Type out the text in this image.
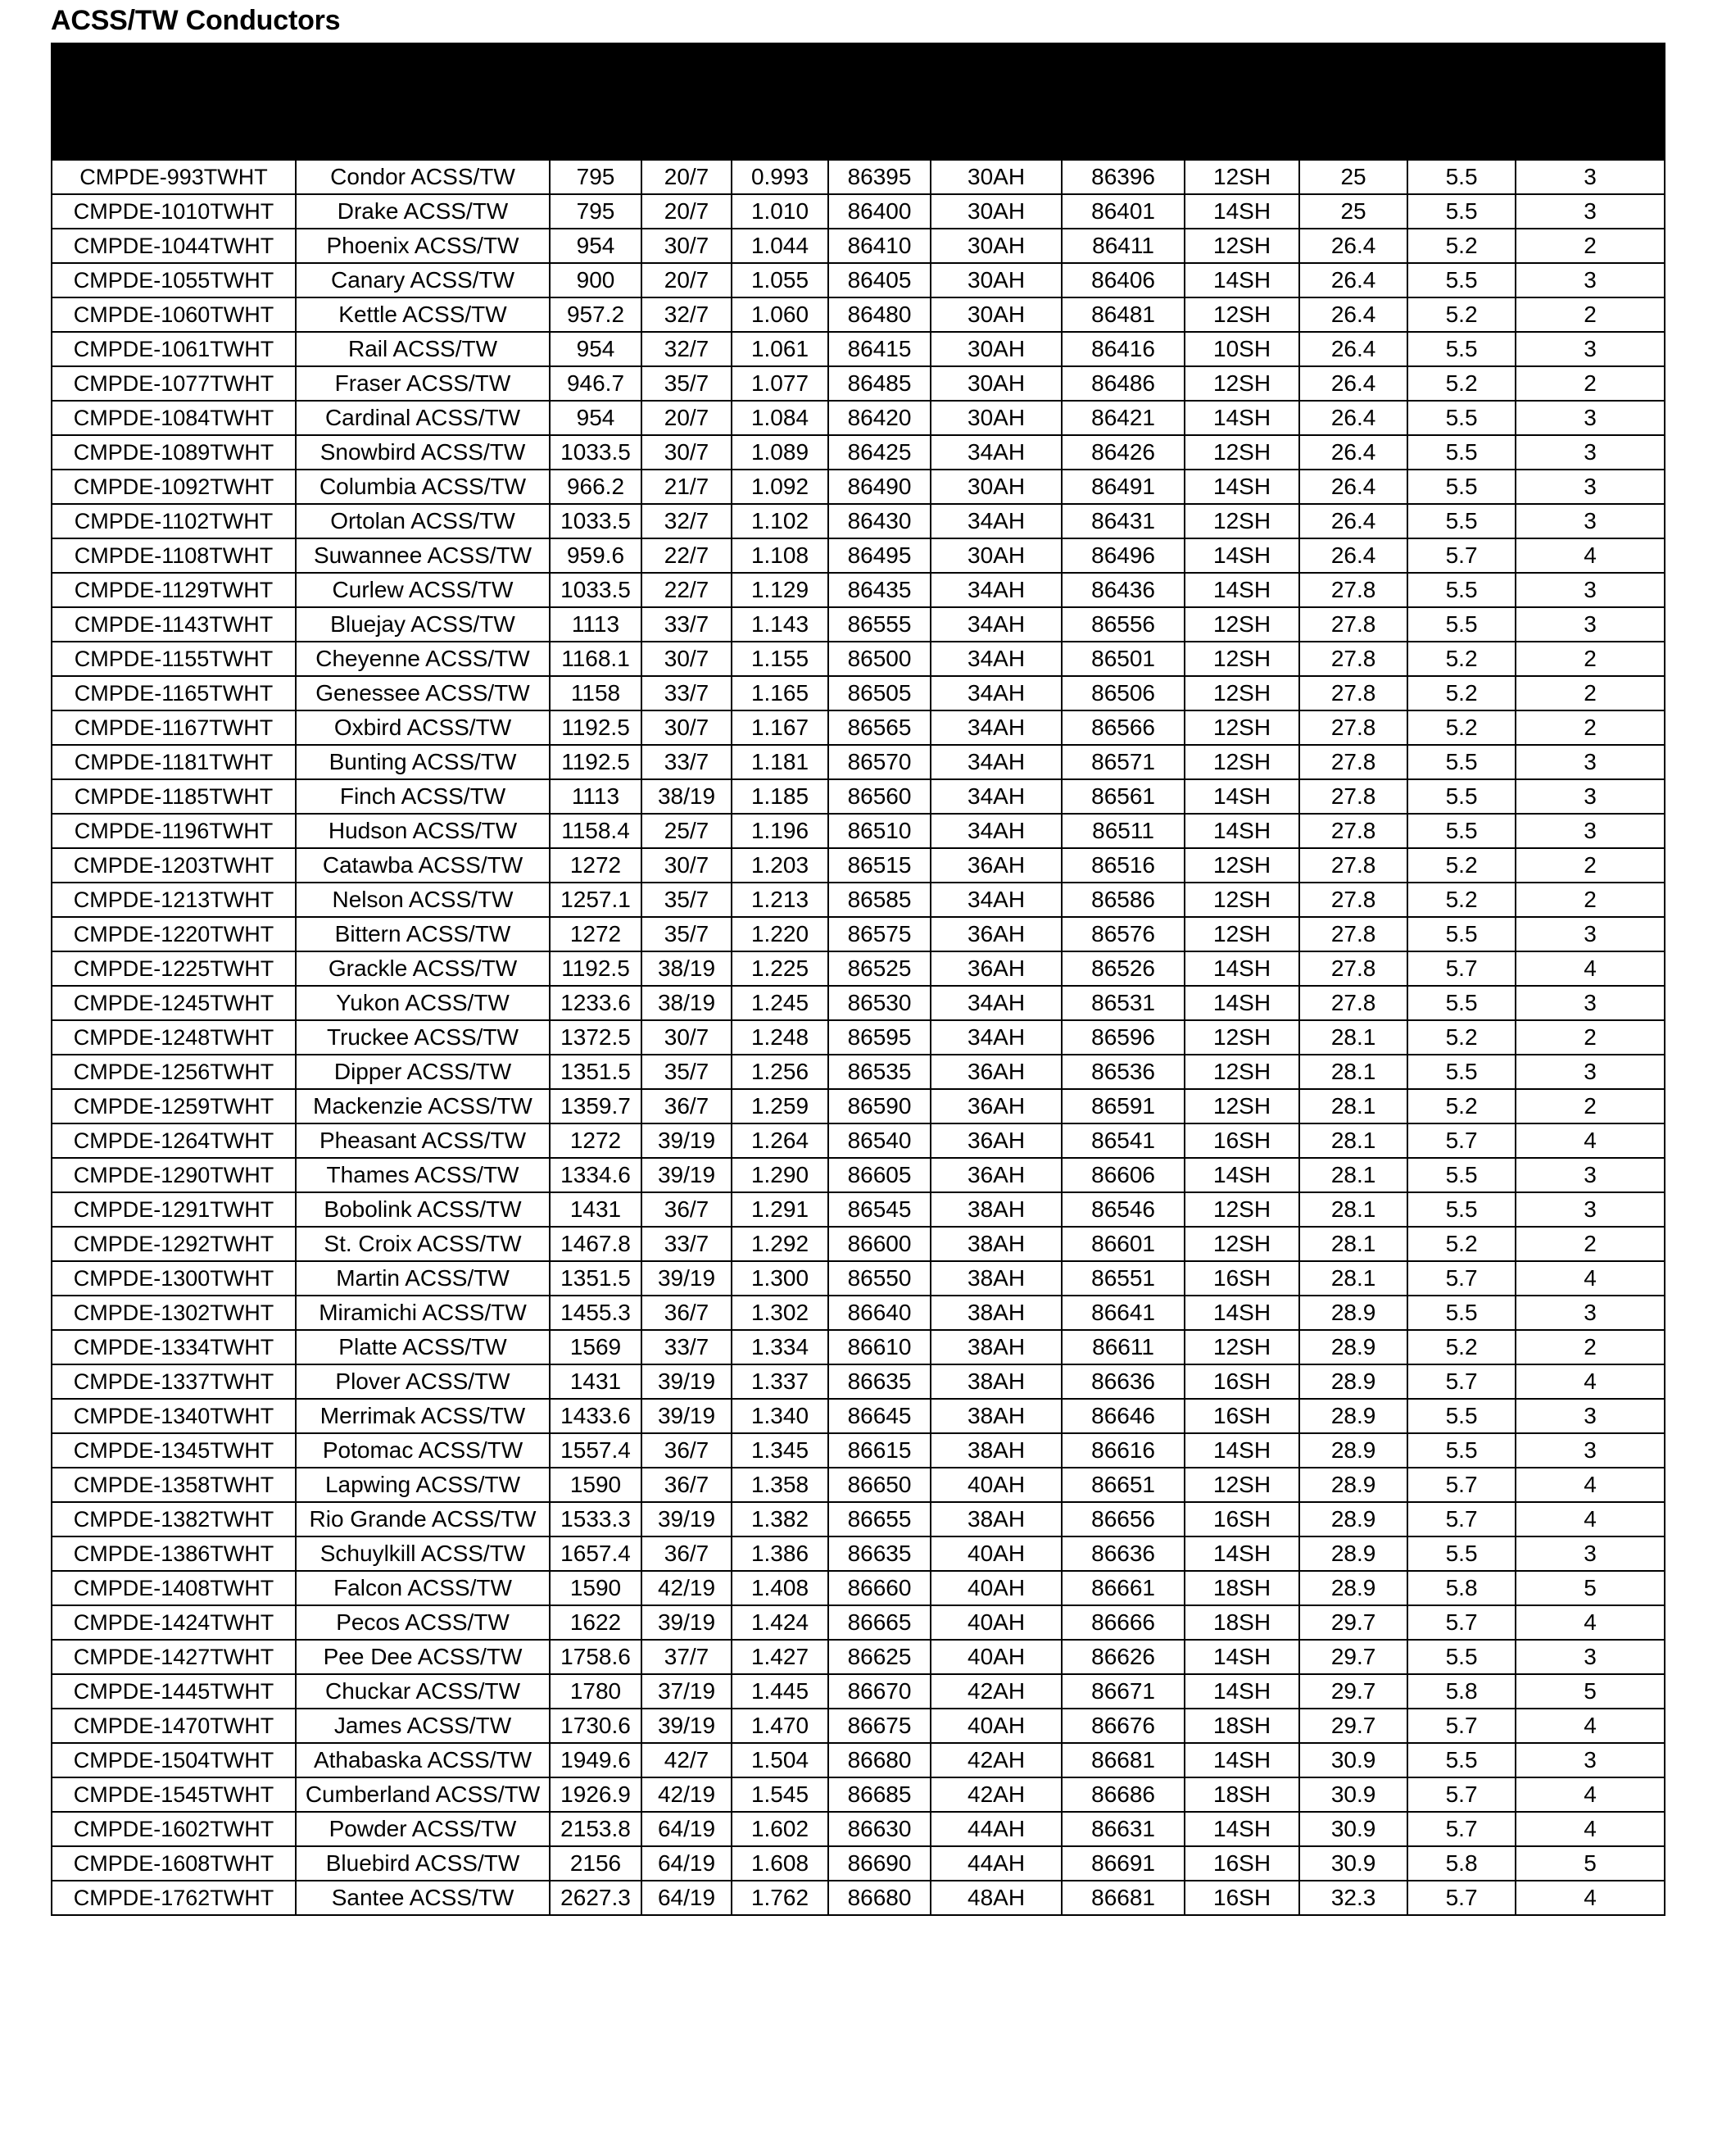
ACSS/TW Conductors
Dead End
Assembly
Catalog
Number	Conductor Information					Al. Die
Size	Steel
Eye
Part
No.	Steel
Die
Size	Dimensions		DE
Eye
Class

	Code Word	Area
kcmil	Al/St	Dia in	Al.
Body
Part
No.				Al.
Tube
Length
in	DE
Eye
Length
in	

CMPDE-993TWHT	Condor ACSS/TW	795	20/7	0.993	86395	30AH	86396	12SH	25	5.5	3
CMPDE-1010TWHT	Drake ACSS/TW	795	20/7	1.010	86400	30AH	86401	14SH	25	5.5	3
CMPDE-1044TWHT	Phoenix ACSS/TW	954	30/7	1.044	86410	30AH	86411	12SH	26.4	5.2	2
CMPDE-1055TWHT	Canary ACSS/TW	900	20/7	1.055	86405	30AH	86406	14SH	26.4	5.5	3
CMPDE-1060TWHT	Kettle ACSS/TW	957.2	32/7	1.060	86480	30AH	86481	12SH	26.4	5.2	2
CMPDE-1061TWHT	Rail ACSS/TW	954	32/7	1.061	86415	30AH	86416	10SH	26.4	5.5	3
CMPDE-1077TWHT	Fraser ACSS/TW	946.7	35/7	1.077	86485	30AH	86486	12SH	26.4	5.2	2
CMPDE-1084TWHT	Cardinal ACSS/TW	954	20/7	1.084	86420	30AH	86421	14SH	26.4	5.5	3
CMPDE-1089TWHT	Snowbird ACSS/TW	1033.5	30/7	1.089	86425	34AH	86426	12SH	26.4	5.5	3
CMPDE-1092TWHT	Columbia ACSS/TW	966.2	21/7	1.092	86490	30AH	86491	14SH	26.4	5.5	3
CMPDE-1102TWHT	Ortolan ACSS/TW	1033.5	32/7	1.102	86430	34AH	86431	12SH	26.4	5.5	3
CMPDE-1108TWHT	Suwannee ACSS/TW	959.6	22/7	1.108	86495	30AH	86496	14SH	26.4	5.7	4
CMPDE-1129TWHT	Curlew ACSS/TW	1033.5	22/7	1.129	86435	34AH	86436	14SH	27.8	5.5	3
CMPDE-1143TWHT	Bluejay ACSS/TW	1113	33/7	1.143	86555	34AH	86556	12SH	27.8	5.5	3
CMPDE-1155TWHT	Cheyenne ACSS/TW	1168.1	30/7	1.155	86500	34AH	86501	12SH	27.8	5.2	2
CMPDE-1165TWHT	Genessee ACSS/TW	1158	33/7	1.165	86505	34AH	86506	12SH	27.8	5.2	2
CMPDE-1167TWHT	Oxbird ACSS/TW	1192.5	30/7	1.167	86565	34AH	86566	12SH	27.8	5.2	2
CMPDE-1181TWHT	Bunting ACSS/TW	1192.5	33/7	1.181	86570	34AH	86571	12SH	27.8	5.5	3
CMPDE-1185TWHT	Finch ACSS/TW	1113	38/19	1.185	86560	34AH	86561	14SH	27.8	5.5	3
CMPDE-1196TWHT	Hudson ACSS/TW	1158.4	25/7	1.196	86510	34AH	86511	14SH	27.8	5.5	3
CMPDE-1203TWHT	Catawba ACSS/TW	1272	30/7	1.203	86515	36AH	86516	12SH	27.8	5.2	2
CMPDE-1213TWHT	Nelson ACSS/TW	1257.1	35/7	1.213	86585	34AH	86586	12SH	27.8	5.2	2
CMPDE-1220TWHT	Bittern ACSS/TW	1272	35/7	1.220	86575	36AH	86576	12SH	27.8	5.5	3
CMPDE-1225TWHT	Grackle ACSS/TW	1192.5	38/19	1.225	86525	36AH	86526	14SH	27.8	5.7	4
CMPDE-1245TWHT	Yukon ACSS/TW	1233.6	38/19	1.245	86530	34AH	86531	14SH	27.8	5.5	3
CMPDE-1248TWHT	Truckee ACSS/TW	1372.5	30/7	1.248	86595	34AH	86596	12SH	28.1	5.2	2
CMPDE-1256TWHT	Dipper ACSS/TW	1351.5	35/7	1.256	86535	36AH	86536	12SH	28.1	5.5	3
CMPDE-1259TWHT	Mackenzie ACSS/TW	1359.7	36/7	1.259	86590	36AH	86591	12SH	28.1	5.2	2
CMPDE-1264TWHT	Pheasant ACSS/TW	1272	39/19	1.264	86540	36AH	86541	16SH	28.1	5.7	4
CMPDE-1290TWHT	Thames ACSS/TW	1334.6	39/19	1.290	86605	36AH	86606	14SH	28.1	5.5	3
CMPDE-1291TWHT	Bobolink ACSS/TW	1431	36/7	1.291	86545	38AH	86546	12SH	28.1	5.5	3
CMPDE-1292TWHT	St. Croix ACSS/TW	1467.8	33/7	1.292	86600	38AH	86601	12SH	28.1	5.2	2
CMPDE-1300TWHT	Martin ACSS/TW	1351.5	39/19	1.300	86550	38AH	86551	16SH	28.1	5.7	4
CMPDE-1302TWHT	Miramichi ACSS/TW	1455.3	36/7	1.302	86640	38AH	86641	14SH	28.9	5.5	3
CMPDE-1334TWHT	Platte ACSS/TW	1569	33/7	1.334	86610	38AH	86611	12SH	28.9	5.2	2
CMPDE-1337TWHT	Plover ACSS/TW	1431	39/19	1.337	86635	38AH	86636	16SH	28.9	5.7	4
CMPDE-1340TWHT	Merrimak ACSS/TW	1433.6	39/19	1.340	86645	38AH	86646	16SH	28.9	5.5	3
CMPDE-1345TWHT	Potomac ACSS/TW	1557.4	36/7	1.345	86615	38AH	86616	14SH	28.9	5.5	3
CMPDE-1358TWHT	Lapwing ACSS/TW	1590	36/7	1.358	86650	40AH	86651	12SH	28.9	5.7	4
CMPDE-1382TWHT	Rio Grande ACSS/TW	1533.3	39/19	1.382	86655	38AH	86656	16SH	28.9	5.7	4
CMPDE-1386TWHT	Schuylkill ACSS/TW	1657.4	36/7	1.386	86635	40AH	86636	14SH	28.9	5.5	3
CMPDE-1408TWHT	Falcon ACSS/TW	1590	42/19	1.408	86660	40AH	86661	18SH	28.9	5.8	5
CMPDE-1424TWHT	Pecos ACSS/TW	1622	39/19	1.424	86665	40AH	86666	18SH	29.7	5.7	4
CMPDE-1427TWHT	Pee Dee ACSS/TW	1758.6	37/7	1.427	86625	40AH	86626	14SH	29.7	5.5	3
CMPDE-1445TWHT	Chuckar ACSS/TW	1780	37/19	1.445	86670	42AH	86671	14SH	29.7	5.8	5
CMPDE-1470TWHT	James ACSS/TW	1730.6	39/19	1.470	86675	40AH	86676	18SH	29.7	5.7	4
CMPDE-1504TWHT	Athabaska ACSS/TW	1949.6	42/7	1.504	86680	42AH	86681	14SH	30.9	5.5	3
CMPDE-1545TWHT	Cumberland ACSS/TW	1926.9	42/19	1.545	86685	42AH	86686	18SH	30.9	5.7	4
CMPDE-1602TWHT	Powder ACSS/TW	2153.8	64/19	1.602	86630	44AH	86631	14SH	30.9	5.7	4
CMPDE-1608TWHT	Bluebird ACSS/TW	2156	64/19	1.608	86690	44AH	86691	16SH	30.9	5.8	5
CMPDE-1762TWHT	Santee ACSS/TW	2627.3	64/19	1.762	86680	48AH	86681	16SH	32.3	5.7	4
